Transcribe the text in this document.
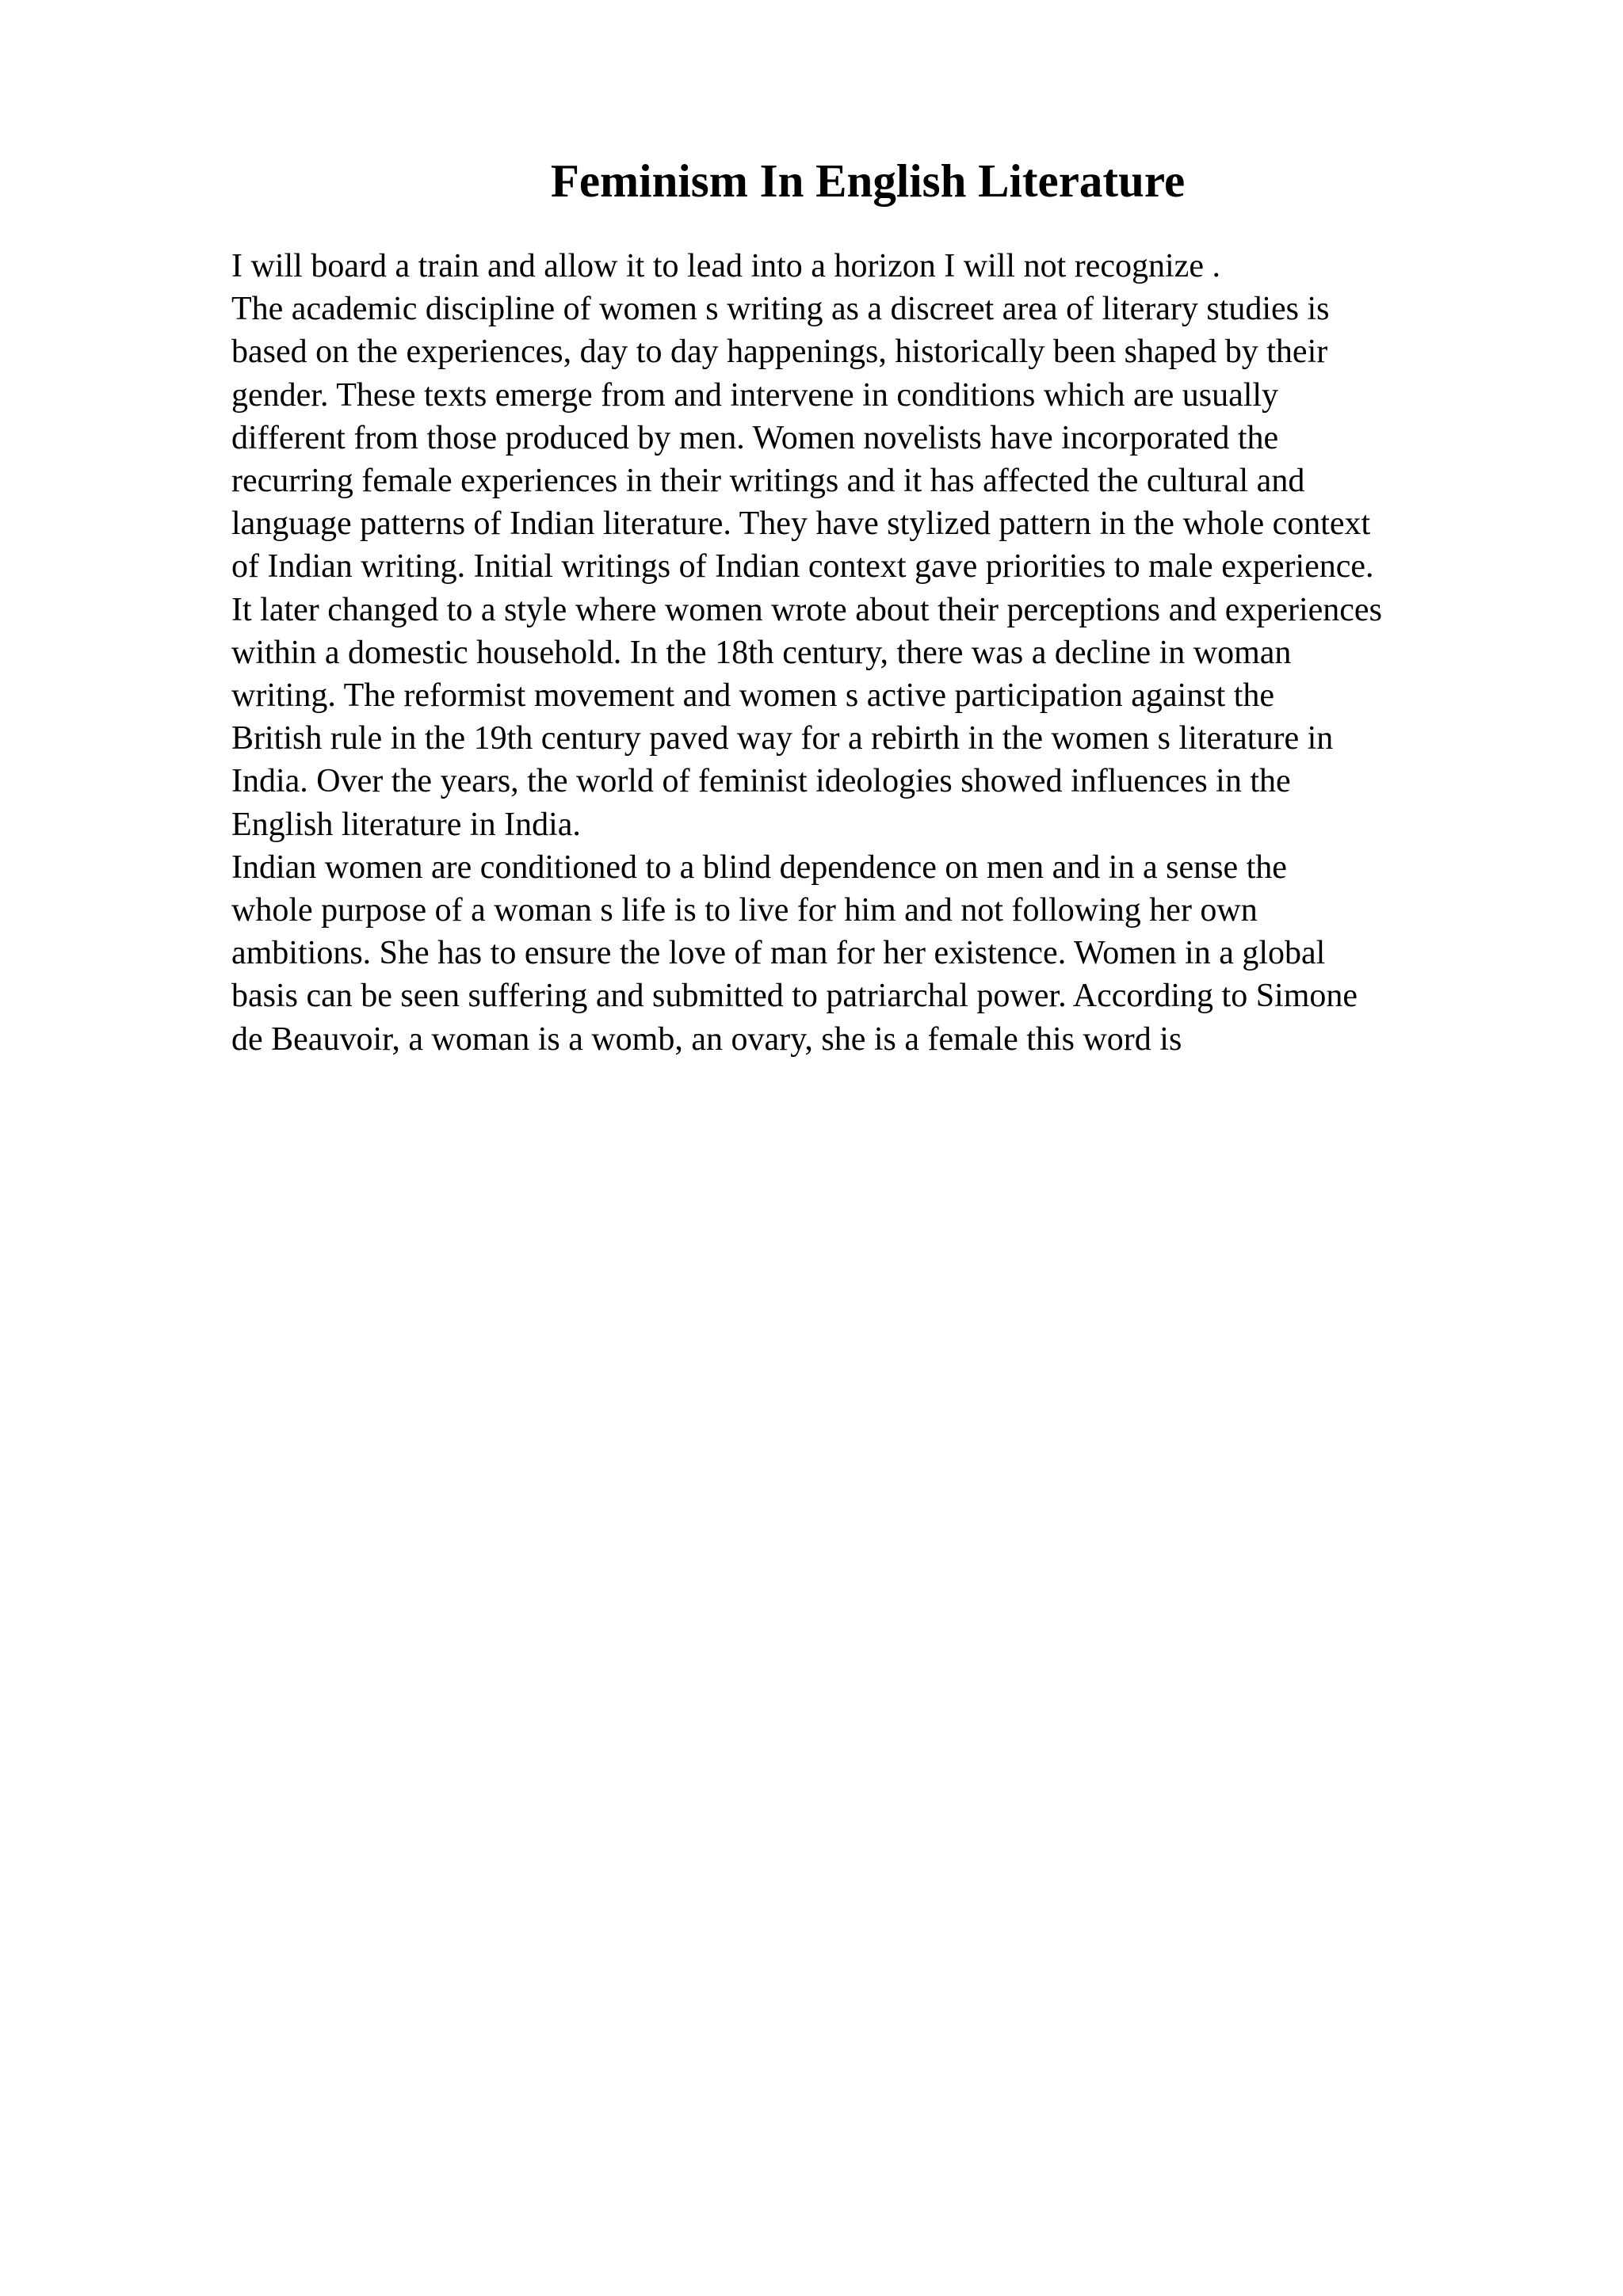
Feminism In English Literature
I will board a train and allow it to lead into a horizon I will not recognize .
The academic discipline of women s writing as a discreet area of literary studies is
based on the experiences, day to day happenings, historically been shaped by their
gender. These texts emerge from and intervene in conditions which are usually
different from those produced by men. Women novelists have incorporated the
recurring female experiences in their writings and it has affected the cultural and
language patterns of Indian literature. They have stylized pattern in the whole context
of Indian writing. Initial writings of Indian context gave priorities to male experience.
It later changed to a style where women wrote about their perceptions and experiences
within a domestic household. In the 18th century, there was a decline in woman
writing. The reformist movement and women s active participation against the
British rule in the 19th century paved way for a rebirth in the women s literature in
India. Over the years, the world of feminist ideologies showed influences in the
English literature in India.
Indian women are conditioned to a blind dependence on men and in a sense the
whole purpose of a woman s life is to live for him and not following her own
ambitions. She has to ensure the love of man for her existence. Women in a global
basis can be seen suffering and submitted to patriarchal power. According to Simone
de Beauvoir, a woman is a womb, an ovary, she is a female this word is
